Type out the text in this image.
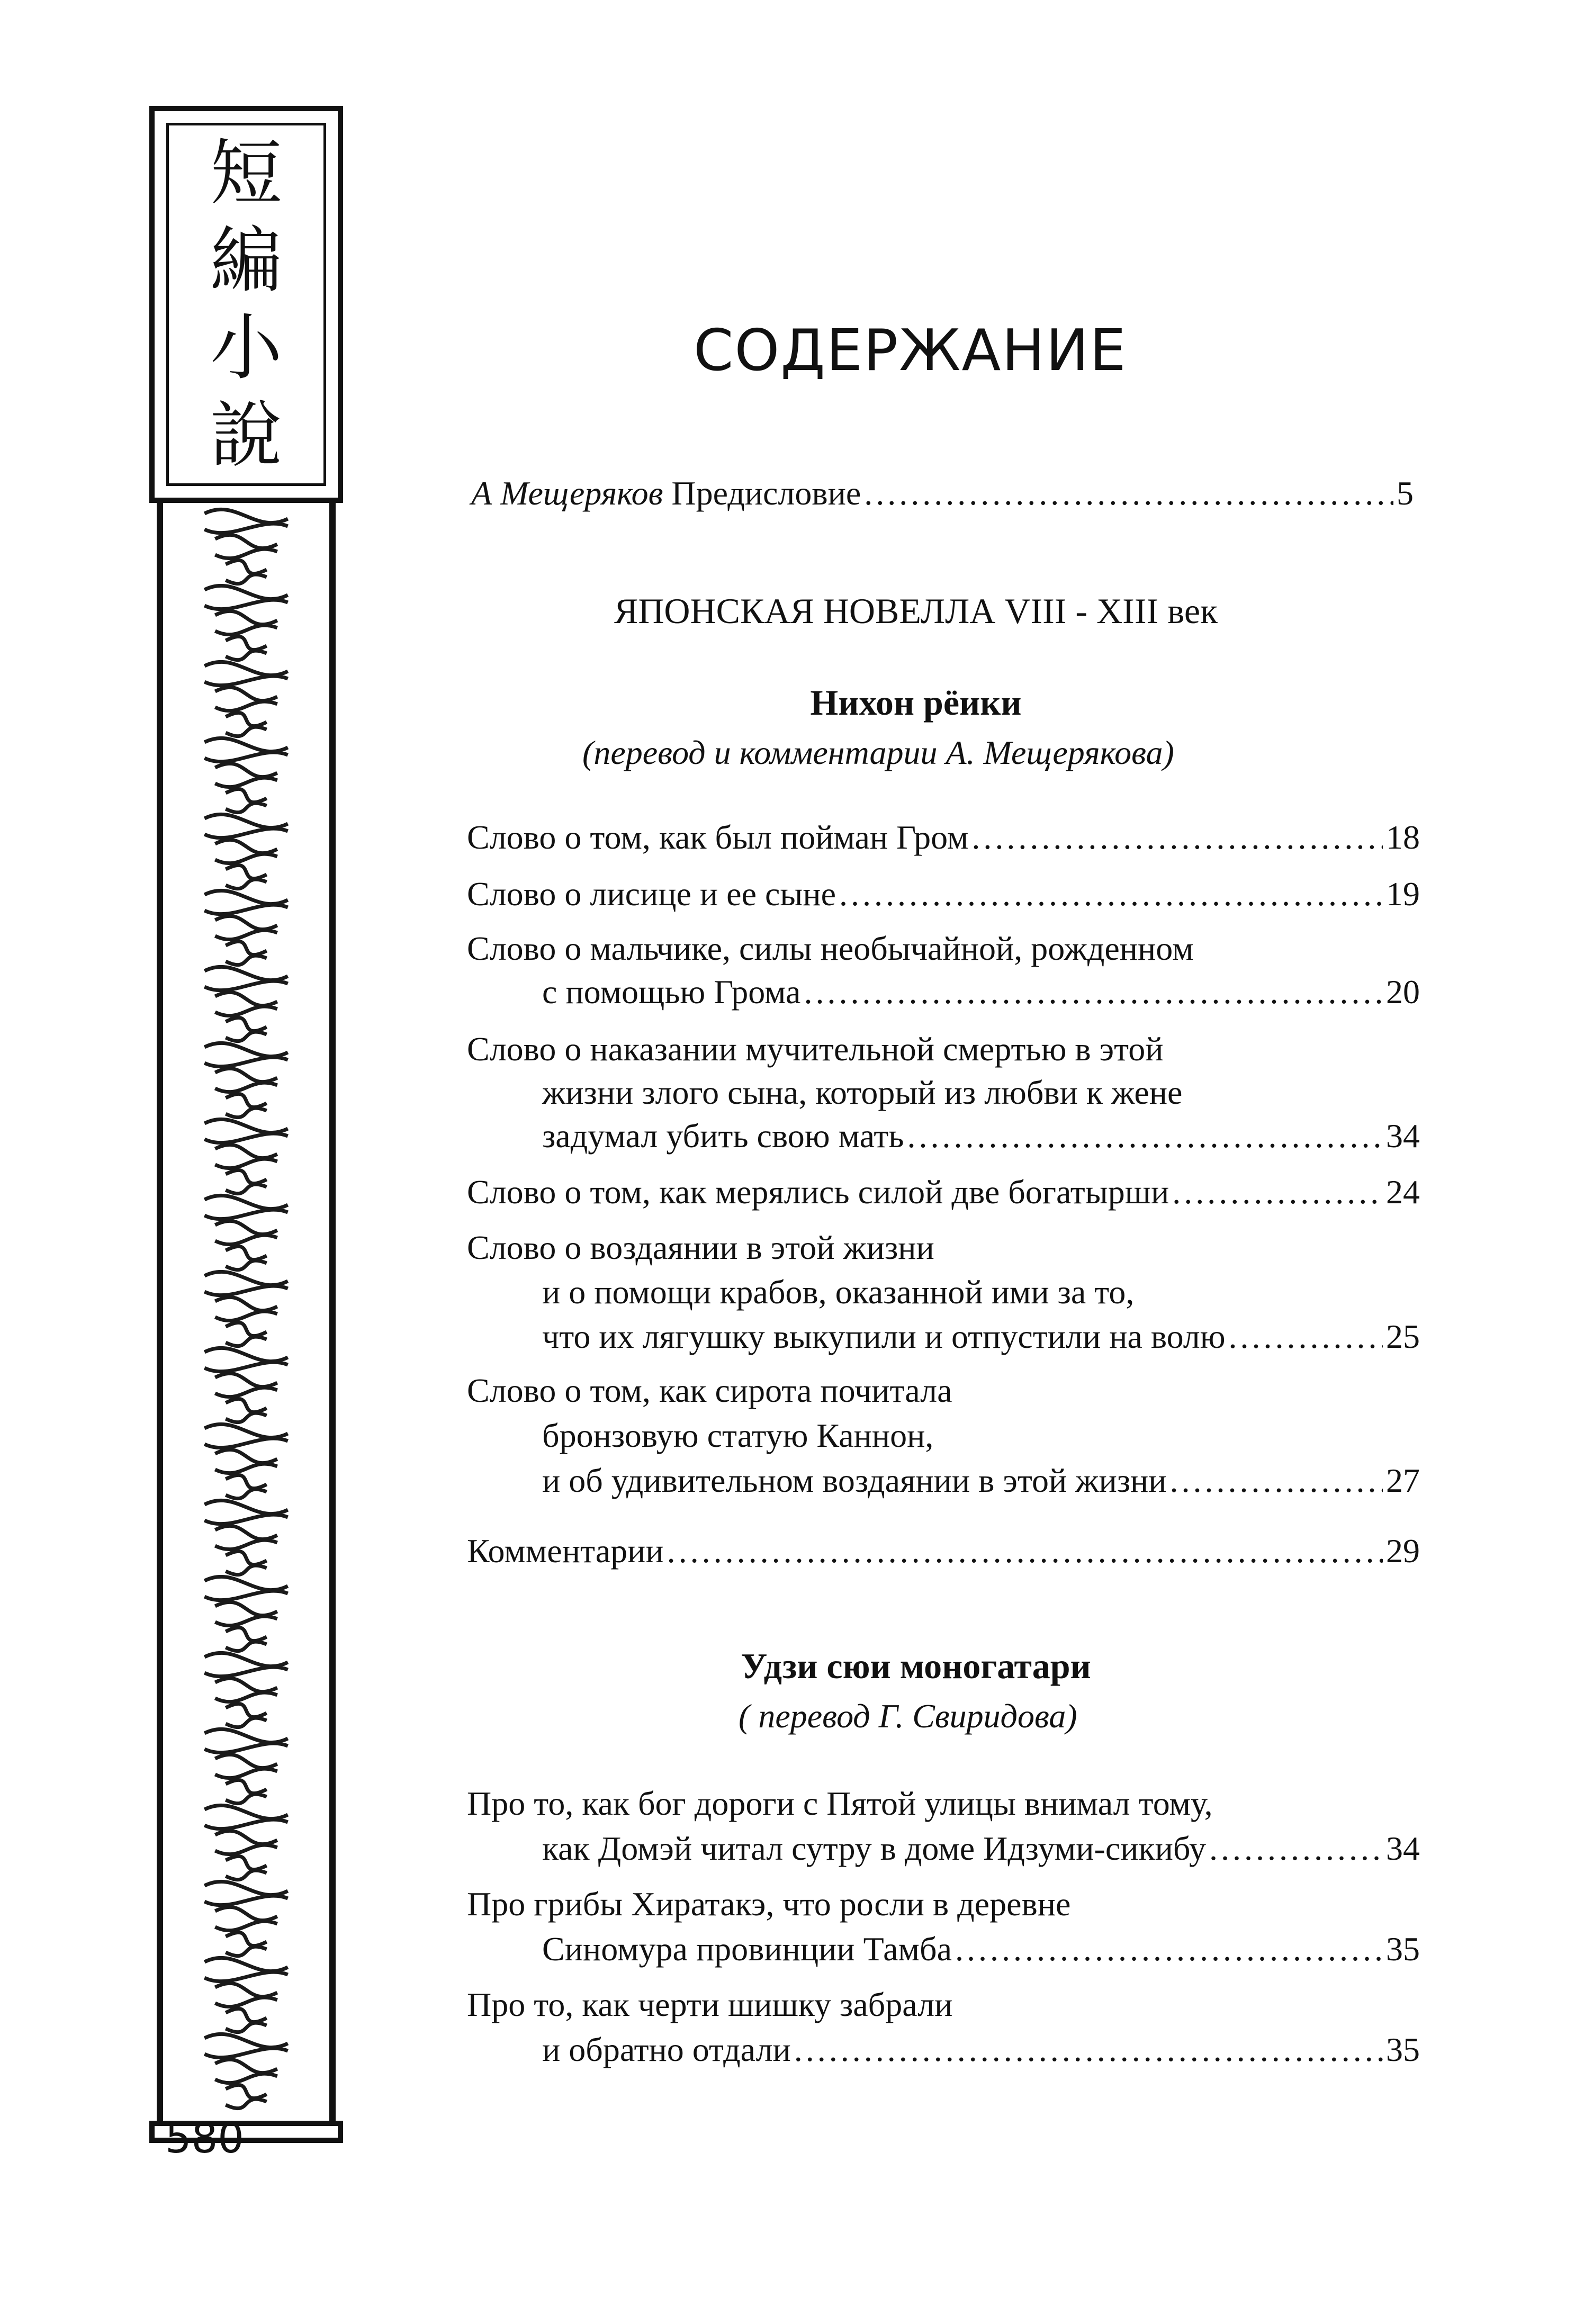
短
編
小
說
580
СОДЕРЖАНИЕ
А Мещеряков
Предисловие .....	5
ЯПОНСКАЯ НОВЕЛЛА VIII - XIII век
Нихон рёики
(перевод и комментарии А. Мещерякова)
Слово о том, как был пойман Гром .....	18
Слово о лисице и ее сыне .....	19
Слово о мальчике, силы необычайной, рожденном
с помощью Грома .....	20
Слово о наказании мучительной смертью в этой
жизни злого сына, который из любви к жене
задумал убить свою мать .....	34
Слово о том, как мерялись силой две богатырши .....	24
Слово о воздаянии в этой жизни
и о помощи крабов, оказанной ими за то,
что их лягушку выкупили и отпустили на волю .....	25
Слово о том, как сирота почитала
бронзовую статую Каннон,
и об удивительном воздаянии в этой жизни .....	27
Комментарии .....	29
Удзи сюи моногатари
( перевод Г. Свиридова)
Про то, как бог дороги с Пятой улицы внимал тому,
как Домэй читал сутру в доме Идзуми-сикибу .....	34
Про грибы Хиратакэ, что росли в деревне
Синомура провинции Тамба .....	35
Про то, как черти шишку забрали
и обратно отдали .....	35
